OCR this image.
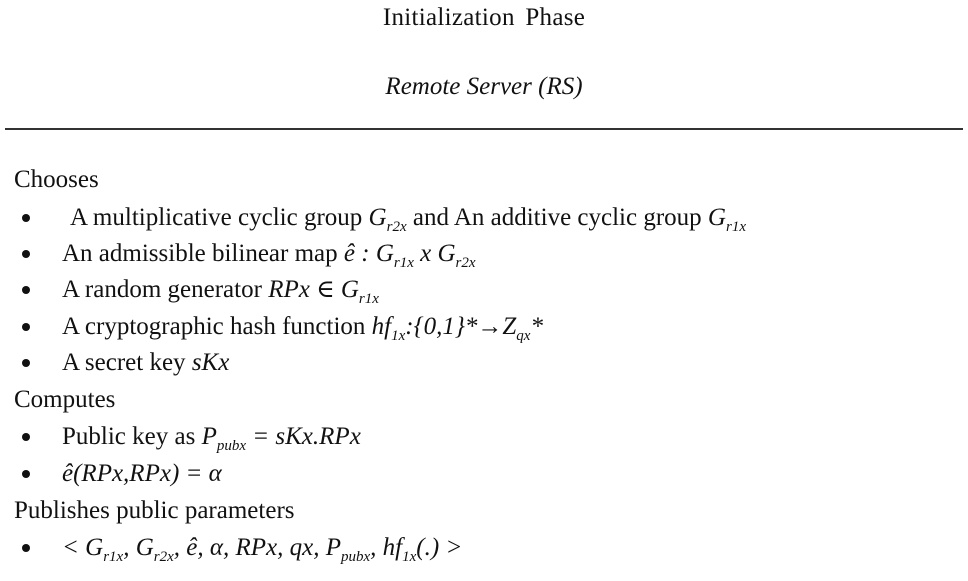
Initialization Phase
Remote Server (RS)
Chooses
A multiplicative cyclic group $G_{r2x}$ and An additive cyclic group $G_{r1x}$
An admissible bilinear map ê : $G_{r1x}$ x $G_{r2x}$
A random generator RPx ∈ $G_{r1x}$
A cryptographic hash function $hf_{1x}:\{0,1\}*\to Z_{qx}*$
A secret key sKx
Computes
Public key as $P_{pubx} = sKx.RPx$
ê(RPx,RPx) = α
Publishes public parameters
< $G_{r1x}$, $G_{r2x}$, ê, α, RPx, qx, $P_{pubx}$, $hf_{1x}(.)$ >
